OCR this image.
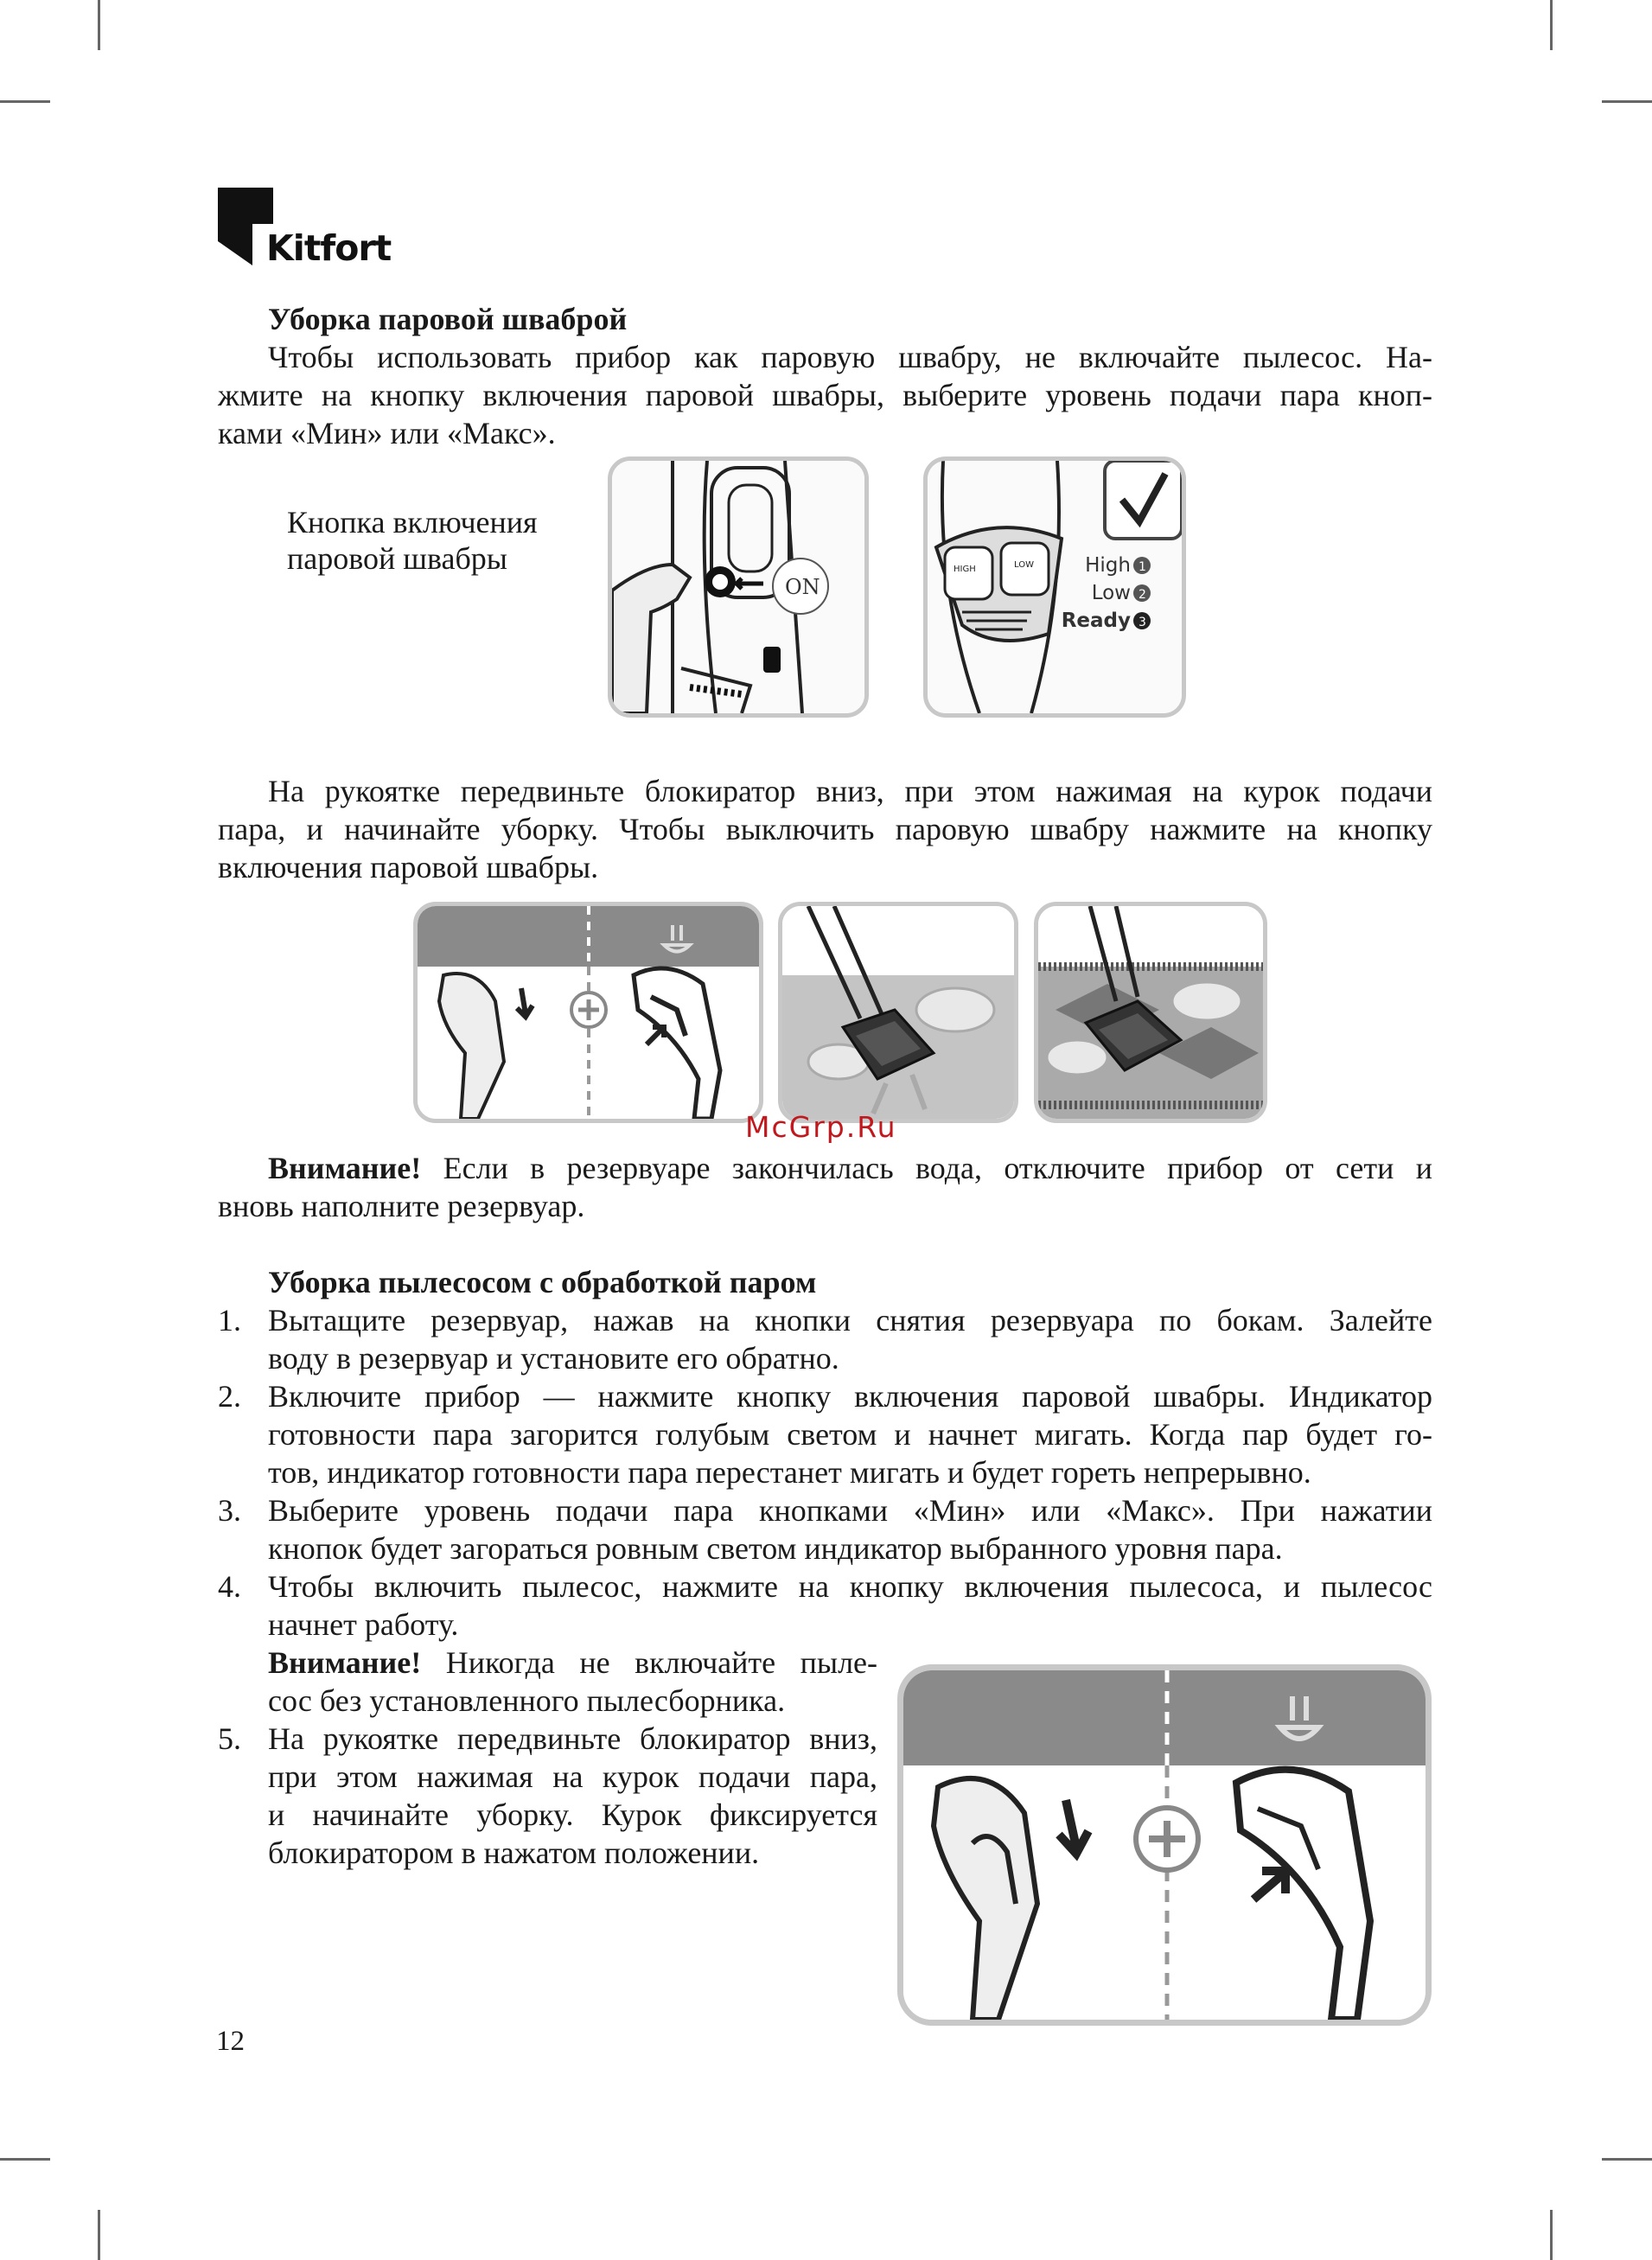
Kitfort
Уборка паровой шваброй
Чтобы использовать прибор как паровую швабру, не включайте пылесос. На-
жмите на кнопку включения паровой швабры, выберите уровень подачи пара кноп-
ками «Мин» или «Макс».
Кнопка включения
паровой швабры
ON
HIGH	LOW	High
Low
Ready
1
2
3
На рукоятке передвиньте блокиратор вниз, при этом нажимая на курок подачи
пара, и начинайте уборку. Чтобы выключить паровую швабру нажмите на кнопку
включения паровой швабры.
McGrp.Ru
Внимание! Если в резервуаре закончилась вода, отключите прибор от сети и
вновь наполните резервуар.
Уборка пылесосом с обработкой паром
1. Вытащите резервуар, нажав на кнопки снятия резервуара по бокам. Залейте
воду в резервуар и установите его обратно.
2. Включите прибор — нажмите кнопку включения паровой швабры. Индикатор
готовности пара загорится голубым светом и начнет мигать. Когда пар будет го-
тов, индикатор готовности пара перестанет мигать и будет гореть непрерывно.
3. Выберите уровень подачи пара кнопками «Мин» или «Макс». При нажатии
кнопок будет загораться ровным светом индикатор выбранного уровня пара.
4. Чтобы включить пылесос, нажмите на кнопку включения пылесоса, и пылесос
начнет работу.
Внимание! Никогда не включайте пыле-
сос без установленного пылесборника.
5. На рукоятке передвиньте блокиратор вниз,
при этом нажимая на курок подачи пара,
и начинайте уборку. Курок фиксируется
блокиратором в нажатом положении.
12
